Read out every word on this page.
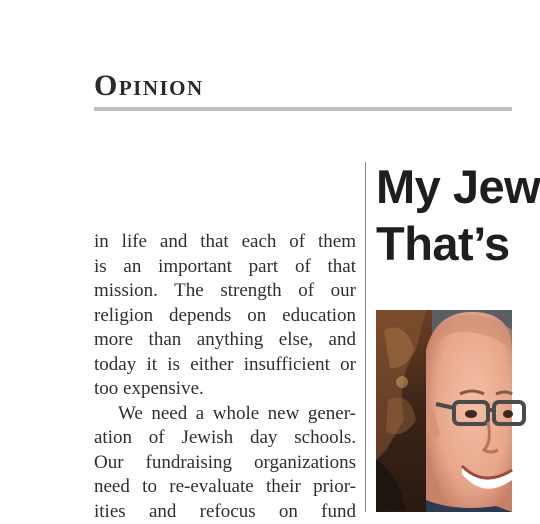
Opinion
in life and that each of them
is an important part of that
mission. The strength of our
religion depends on education
more than anything else, and
today it is either insufficient or
too expensive.
We need a whole new gener-
ation of Jewish day schools.
Our fundraising organizations
need to re-evaluate their prior-
ities and refocus on fund
My Jew
That’s
